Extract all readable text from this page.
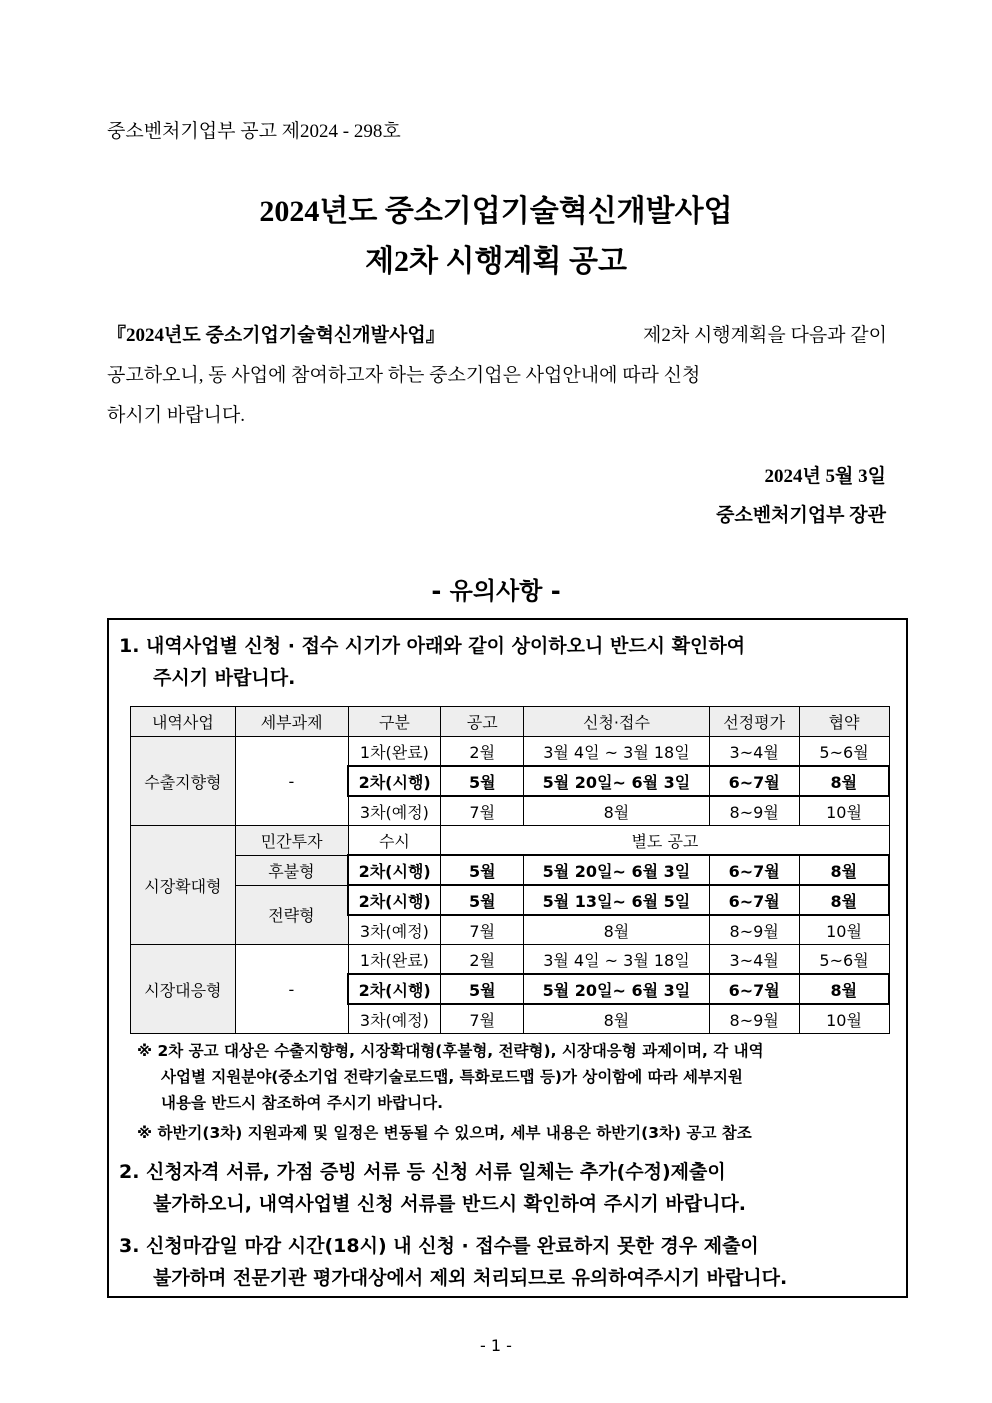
중소벤처기업부 공고 제2024 - 298호
2024년도 중소기업기술혁신개발사업
제2차 시행계획 공고
『2024년도 중소기업기술혁신개발사업』	제2차 시행계획을 다음과 같이
공고하오니, 동 사업에 참여하고자 하는 중소기업은 사업안내에 따라 신청
하시기 바랍니다.
2024년 5월 3일
중소벤처기업부 장관
- 유의사항 -
1. 내역사업별 신청 · 접수 시기가 아래와 같이 상이하오니 반드시 확인하여
주시기 바랍니다.
내역사업	세부과제	구분	공고	신청·접수	선정평가	협약
수출지향형	-	1차(완료)	2월	3월 4일 ~ 3월 18일	3~4월	5~6월
		2차(시행)	5월	5월 20일~ 6월 3일	6~7월	8월
		3차(예정)	7월	8월	8~9월	10월
시장확대형	민간투자	수시	별도 공고			
	후불형	2차(시행)	5월	5월 20일~ 6월 3일	6~7월	8월
	전략형	2차(시행)	5월	5월 13일~ 6월 5일	6~7월	8월
		3차(예정)	7월	8월	8~9월	10월
시장대응형	-	1차(완료)	2월	3월 4일 ~ 3월 18일	3~4월	5~6월
		2차(시행)	5월	5월 20일~ 6월 3일	6~7월	8월
		3차(예정)	7월	8월	8~9월	10월
※ 2차 공고 대상은 수출지향형, 시장확대형(후불형, 전략형), 시장대응형 과제이며, 각 내역
사업별 지원분야(중소기업 전략기술로드맵, 특화로드맵 등)가 상이함에 따라 세부지원
내용을 반드시 참조하여 주시기 바랍니다.
※ 하반기(3차) 지원과제 및 일정은 변동될 수 있으며, 세부 내용은 하반기(3차) 공고 참조
2. 신청자격 서류, 가점 증빙 서류 등 신청 서류 일체는 추가(수정)제출이
불가하오니, 내역사업별 신청 서류를 반드시 확인하여 주시기 바랍니다.
3. 신청마감일 마감 시간(18시) 내 신청 · 접수를 완료하지 못한 경우 제출이
불가하며 전문기관 평가대상에서 제외 처리되므로 유의하여주시기 바랍니다.
- 1 -
